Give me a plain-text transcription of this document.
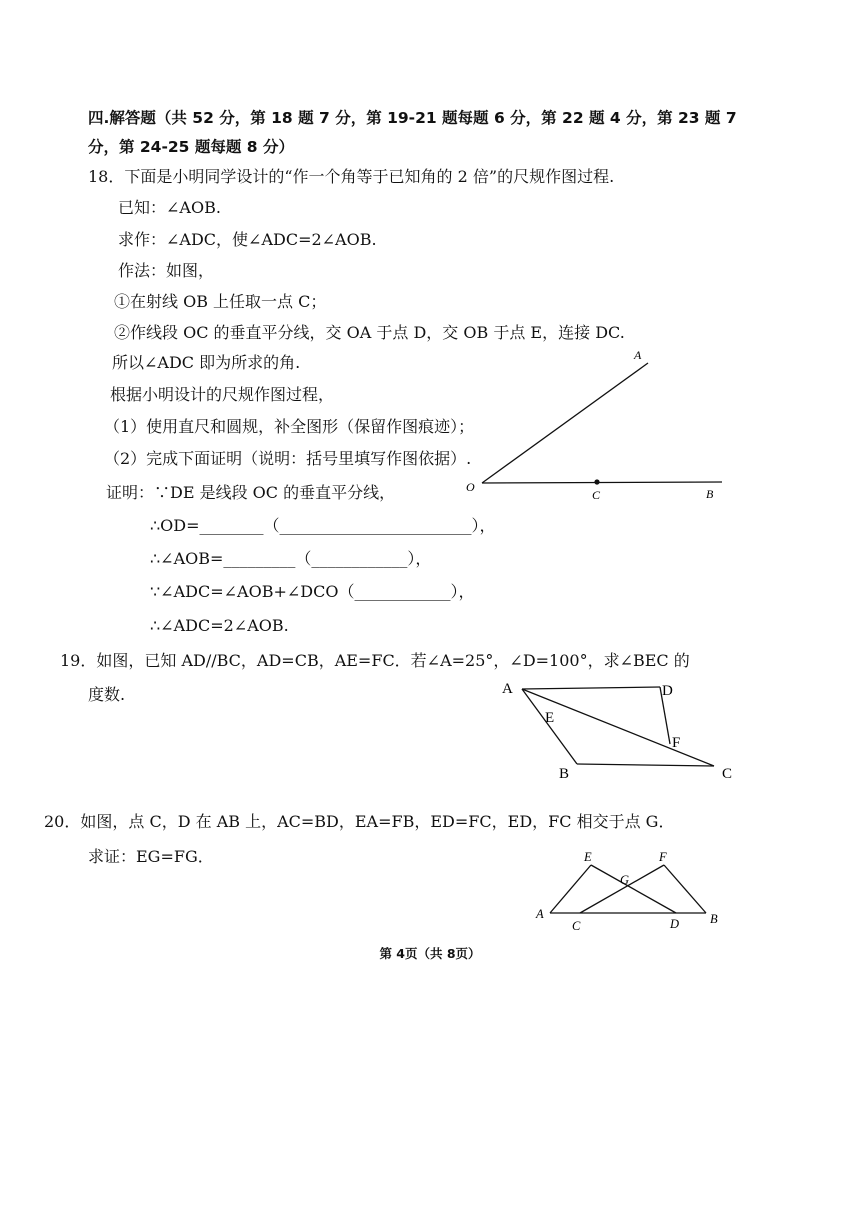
四.解答题（共 52 分，第 18 题 7 分，第 19-21 题每题 6 分，第 22 题 4 分，第 23 题 7
分，第 24-25 题每题 8 分）
18．下面是小明同学设计的“作一个角等于已知角的 2 倍”的尺规作图过程.
已知：∠AOB.
求作：∠ADC，使∠ADC=2∠AOB.
作法：如图，
①在射线 OB 上任取一点 C；
②作线段 OC 的垂直平分线，交 OA 于点 D，交 OB 于点 E，连接 DC.
所以∠ADC 即为所求的角.
根据小明设计的尺规作图过程，
（1）使用直尺和圆规，补全图形（保留作图痕迹）；
（2）完成下面证明（说明：括号里填写作图依据）.
证明：∵DE 是线段 OC 的垂直平分线，
∴OD=________（________________________），
∴∠AOB=_________（____________），
∵∠ADC=∠AOB+∠DCO（____________），
∴∠ADC=2∠AOB.
A
O
C	B
19．如图，已知 AD//BC，AD=CB，AE=FC．若∠A=25°，∠D=100°，求∠BEC 的
度数.	A	D
E
F
B	C
20．如图，点 C，D 在 AB 上，AC=BD，EA=FB，ED=FC，ED，FC 相交于点 G．
求证：EG=FG．	E	F
G
A
C	D B
第 4页（共 8页）
